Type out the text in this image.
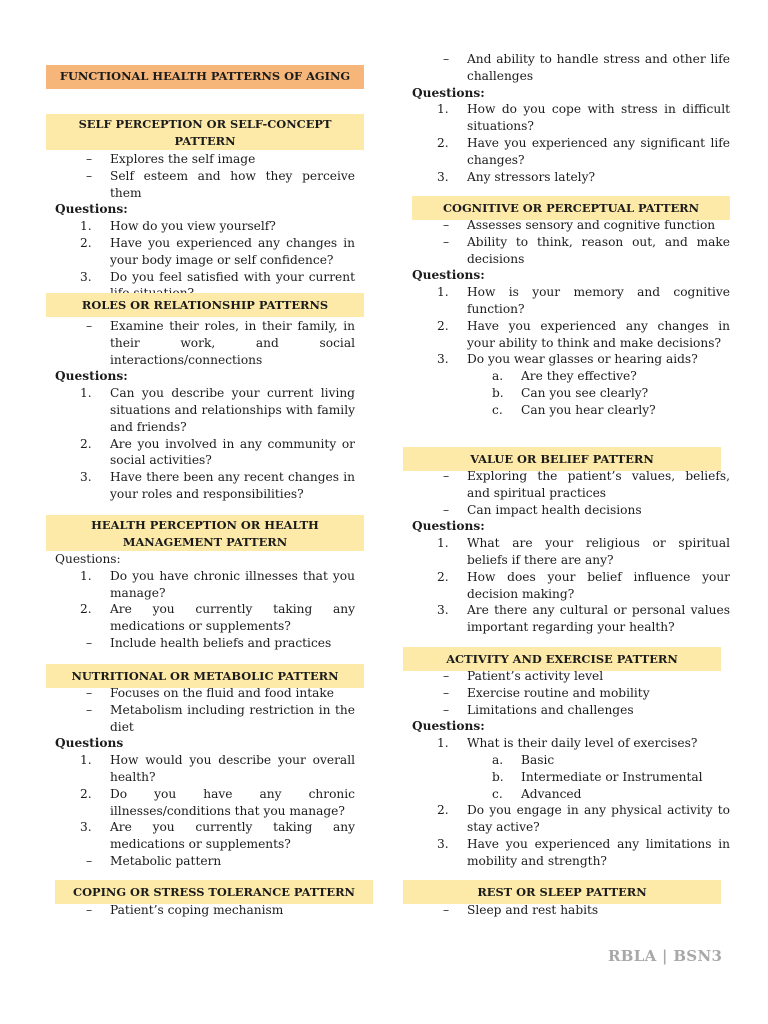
FUNCTIONAL HEALTH PATTERNS OF AGING
SELF PERCEPTION OR SELF-CONCEPT PATTERN
– Explores the self image
– Self esteem and how they perceive them
Questions:
1. How do you view yourself?
2. Have you experienced any changes in your body image or self confidence?
3. Do you feel satisfied with your current
ROLES OR RELATIONSHIP PATTERNS
– Examine their roles, in their family, in their work, and social interactions/connections
Questions:
1. Can you describe your current living situations and relationships with family and friends?
2. Are you involved in any community or social activities?
3. Have there been any recent changes in your roles and responsibilities?
HEALTH PERCEPTION OR HEALTH MANAGEMENT PATTERN
Questions:
1. Do you have chronic illnesses that you manage?
2. Are you currently taking any medications or supplements?
– Include health beliefs and practices
NUTRITIONAL OR METABOLIC PATTERN
– Focuses on the fluid and food intake
– Metabolism including restriction in the diet
Questions
1. How would you describe your overall health?
2. Do you have any chronic illnesses/conditions that you manage?
3. Are you currently taking any medications or supplements?
– Metabolic pattern
COPING OR STRESS TOLERANCE PATTERN
– Patient’s coping mechanism
– And ability to handle stress and other life challenges
Questions:
1. How do you cope with stress in difficult situations?
2. Have you experienced any significant life changes?
3. Any stressors lately?
COGNITIVE OR PERCEPTUAL PATTERN
– Assesses sensory and cognitive function
– Ability to think, reason out, and make decisions
Questions:
1. How is your memory and cognitive function?
2. Have you experienced any changes in your ability to think and make decisions?
3. Do you wear glasses or hearing aids?
a. Are they effective?
b. Can you see clearly?
c. Can you hear clearly?
VALUE OR BELIEF PATTERN
– Exploring the patient’s values, beliefs, and spiritual practices
– Can impact health decisions
Questions:
1. What are your religious or spiritual beliefs if there are any?
2. How does your belief influence your decision making?
3. Are there any cultural or personal values important regarding your health?
ACTIVITY AND EXERCISE PATTERN
– Patient’s activity level
– Exercise routine and mobility
– Limitations and challenges
Questions:
1. What is their daily level of exercises?
a. Basic
b. Intermediate or Instrumental
c. Advanced
2. Do you engage in any physical activity to stay active?
3. Have you experienced any limitations in mobility and strength?
REST OR SLEEP PATTERN
– Sleep and rest habits
RBLA | BSN3
